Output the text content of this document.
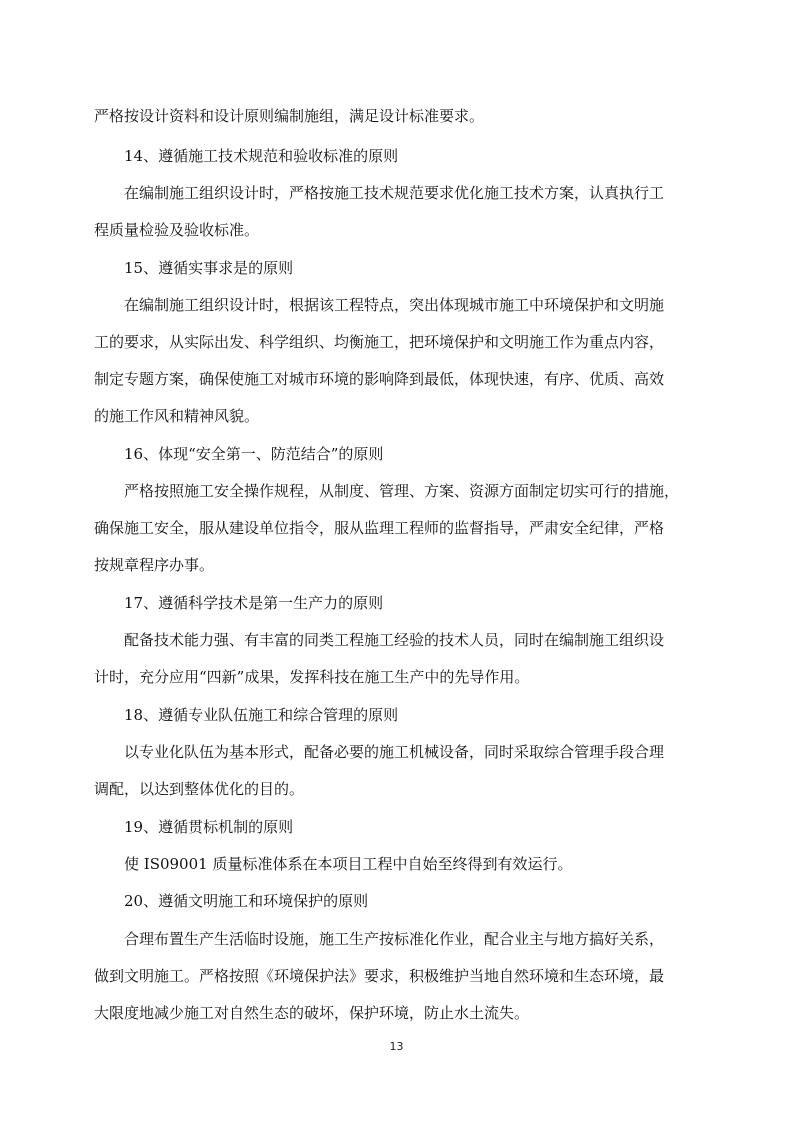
严格按设计资料和设计原则编制施组，满足设计标准要求。
14、遵循施工技术规范和验收标准的原则
在编制施工组织设计时，严格按施工技术规范要求优化施工技术方案，认真执行工
程质量检验及验收标准。
15、遵循实事求是的原则
在编制施工组织设计时，根据该工程特点，突出体现城市施工中环境保护和文明施
工的要求，从实际出发、科学组织、均衡施工，把环境保护和文明施工作为重点内容，
制定专题方案，确保使施工对城市环境的影响降到最低，体现快速，有序、优质、高效
的施工作风和精神风貌。
16、体现“安全第一、防范结合”的原则
严格按照施工安全操作规程，从制度、管理、方案、资源方面制定切实可行的措施，
确保施工安全，服从建设单位指令，服从监理工程师的监督指导，严肃安全纪律，严格
按规章程序办事。
17、遵循科学技术是第一生产力的原则
配备技术能力强、有丰富的同类工程施工经验的技术人员，同时在编制施工组织设
计时，充分应用“四新”成果，发挥科技在施工生产中的先导作用。
18、遵循专业队伍施工和综合管理的原则
以专业化队伍为基本形式，配备必要的施工机械设备，同时采取综合管理手段合理
调配，以达到整体优化的目的。
19、遵循贯标机制的原则
使 IS09001 质量标准体系在本项目工程中自始至终得到有效运行。
20、遵循文明施工和环境保护的原则
合理布置生产生活临时设施，施工生产按标准化作业，配合业主与地方搞好关系，
做到文明施工。严格按照《环境保护法》要求，积极维护当地自然环境和生态环境，最
大限度地减少施工对自然生态的破坏，保护环境，防止水土流失。
13
